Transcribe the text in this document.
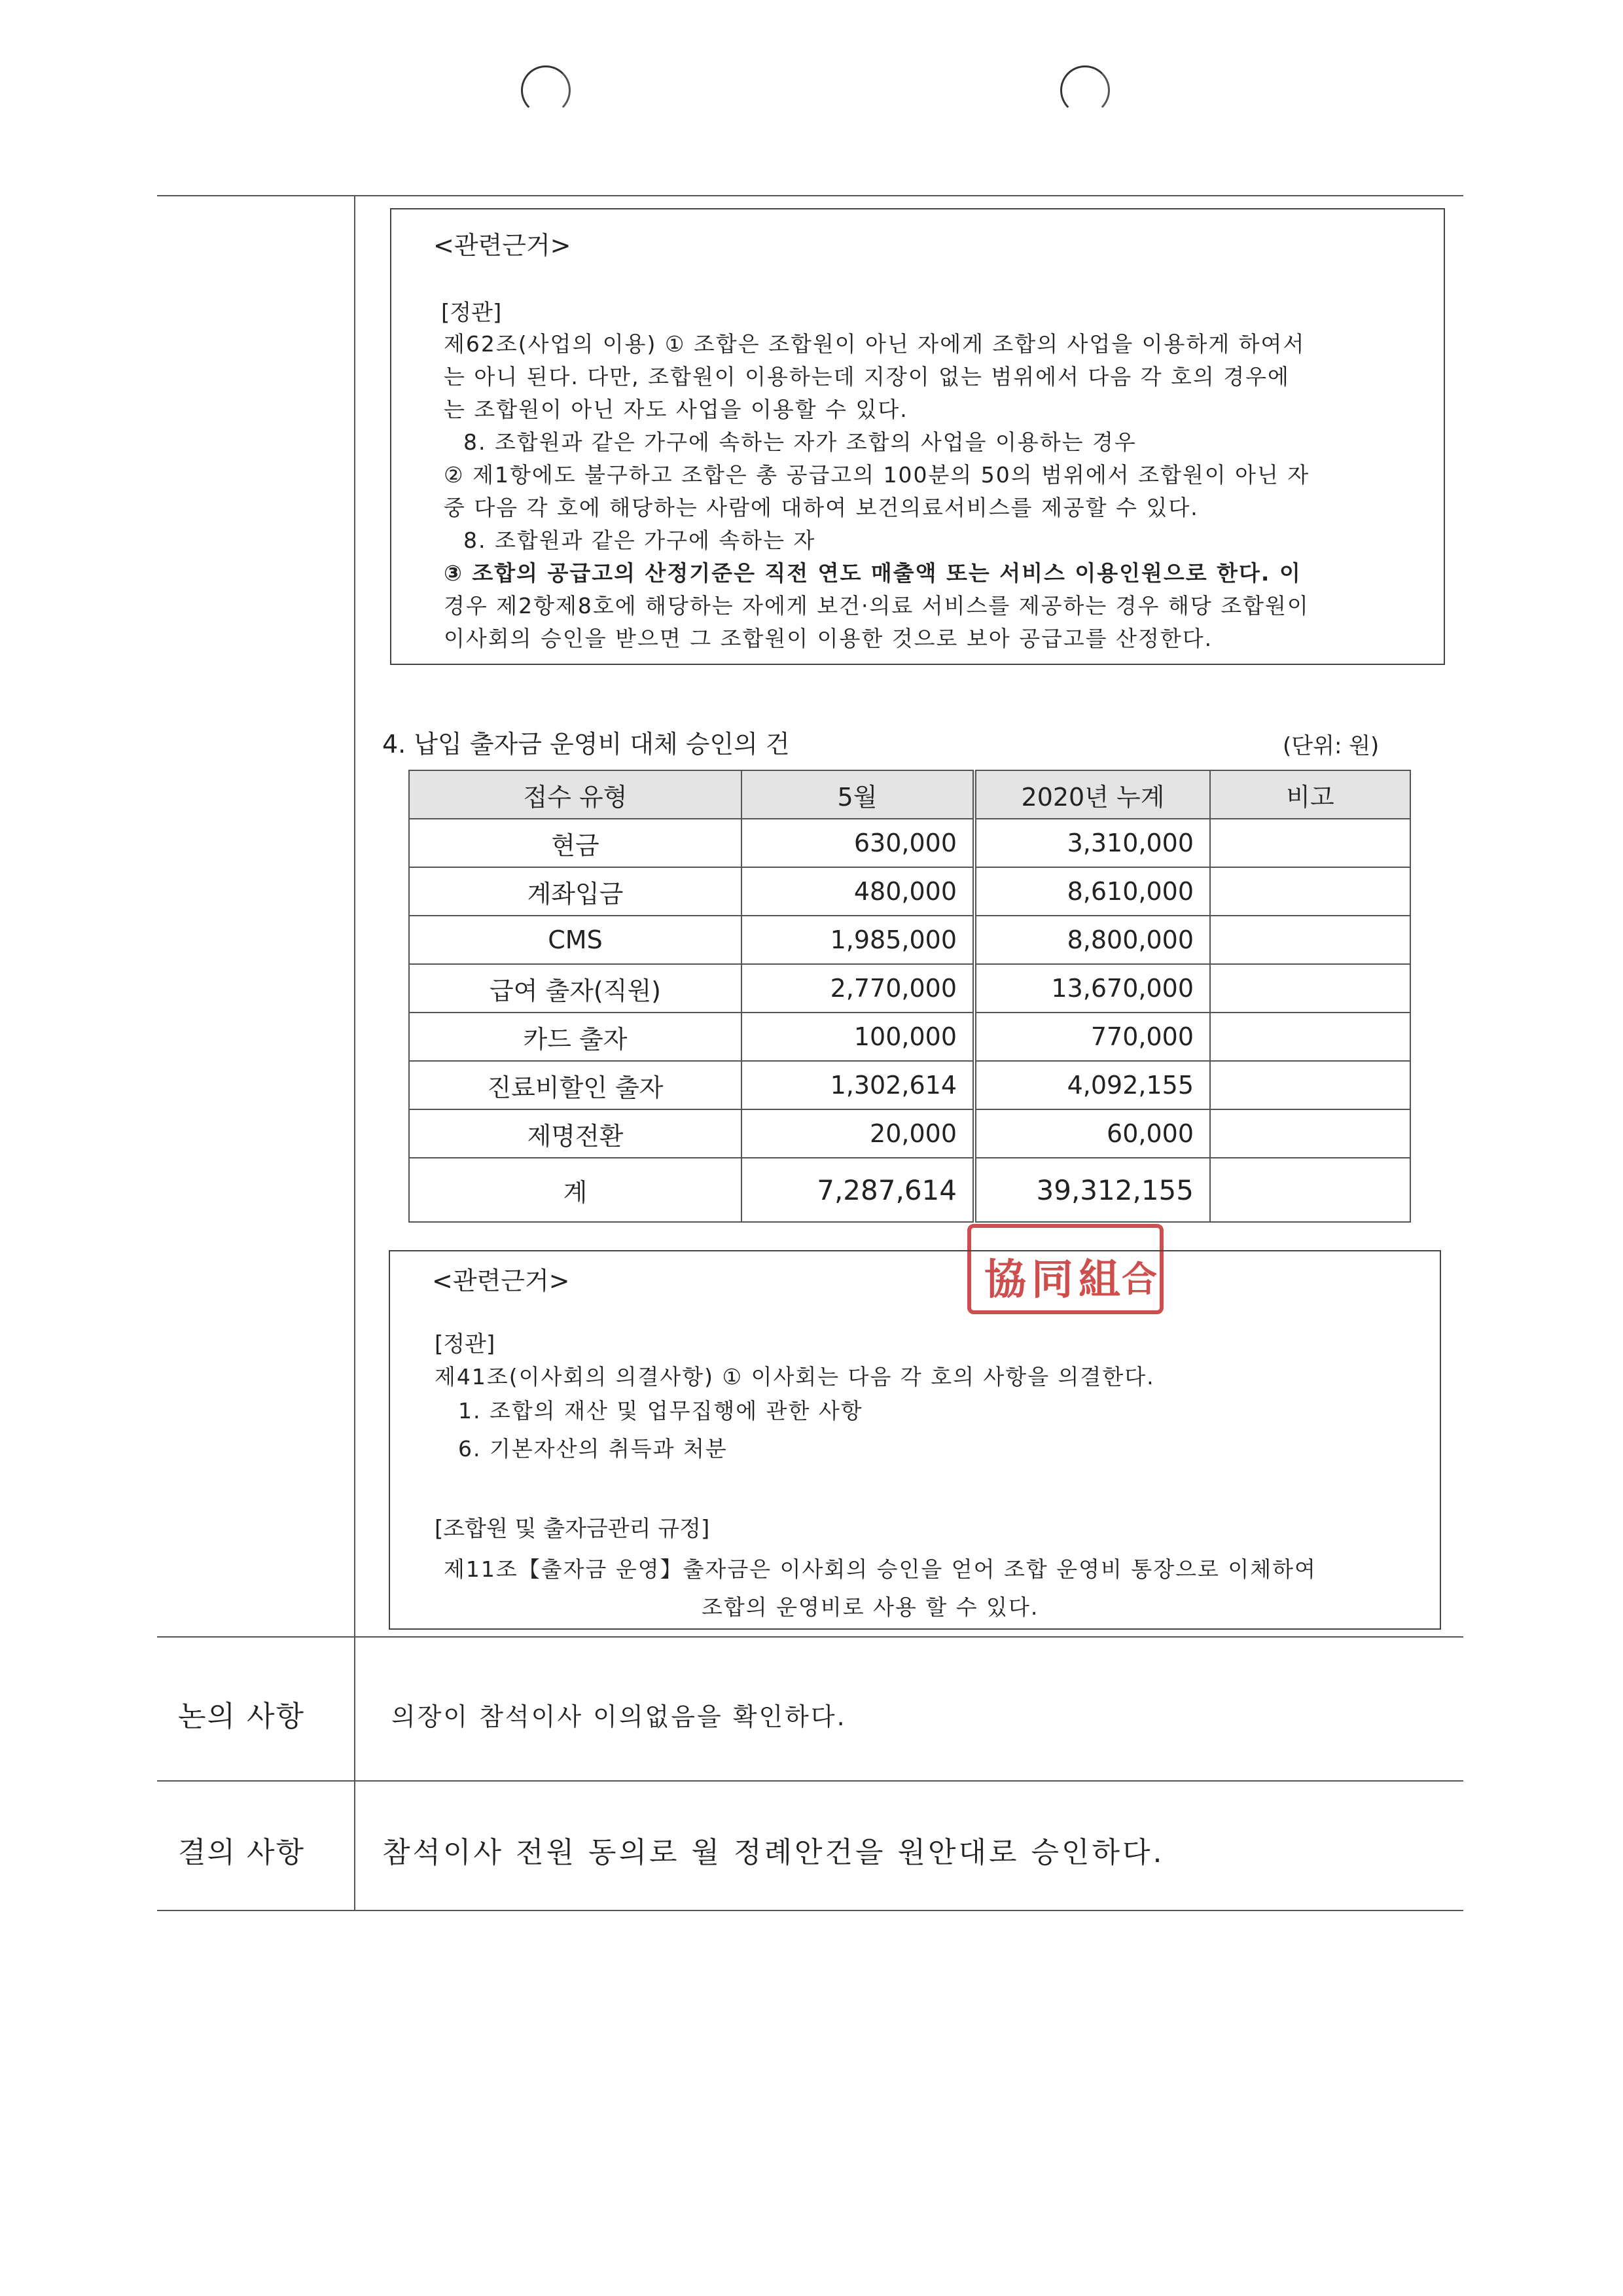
<관련근거>
[정관]
제62조(사업의 이용) ① 조합은 조합원이 아닌 자에게 조합의 사업을 이용하게 하여서
는 아니 된다. 다만, 조합원이 이용하는데 지장이 없는 범위에서 다음 각 호의 경우에
는 조합원이 아닌 자도 사업을 이용할 수 있다.
8. 조합원과 같은 가구에 속하는 자가 조합의 사업을 이용하는 경우
② 제1항에도 불구하고 조합은 총 공급고의 100분의 50의 범위에서 조합원이 아닌 자
중 다음 각 호에 해당하는 사람에 대하여 보건의료서비스를 제공할 수 있다.
8. 조합원과 같은 가구에 속하는 자
③ 조합의 공급고의 산정기준은 직전 연도 매출액 또는 서비스 이용인원으로 한다. 이
경우 제2항제8호에 해당하는 자에게 보건·의료 서비스를 제공하는 경우 해당 조합원이
이사회의 승인을 받으면 그 조합원이 이용한 것으로 보아 공급고를 산정한다.
4. 납입 출자금 운영비 대체 승인의 건	(단위: 원)
접수 유형	5월	2020년 누계	비고
현금	630,000	3,310,000	
계좌입금	480,000	8,610,000	
CMS	1,985,000	8,800,000	
급여 출자(직원)	2,770,000	13,670,000	
카드 출자	100,000	770,000	
진료비할인 출자	1,302,614	4,092,155	
제명전환	20,000	60,000	
계	7,287,614	39,312,155	
協 同 組 合
<관련근거>
[정관]
제41조(이사회의 의결사항) ① 이사회는 다음 각 호의 사항을 의결한다.
1. 조합의 재산 및 업무집행에 관한 사항
6. 기본자산의 취득과 처분
[조합원 및 출자금관리 규정]
제11조【출자금 운영】출자금은 이사회의 승인을 얻어 조합 운영비 통장으로 이체하여
조합의 운영비로 사용 할 수 있다.
논의 사항	의장이 참석이사 이의없음을 확인하다.
결의 사항	참석이사 전원 동의로 월 정례안건을 원안대로 승인하다.
